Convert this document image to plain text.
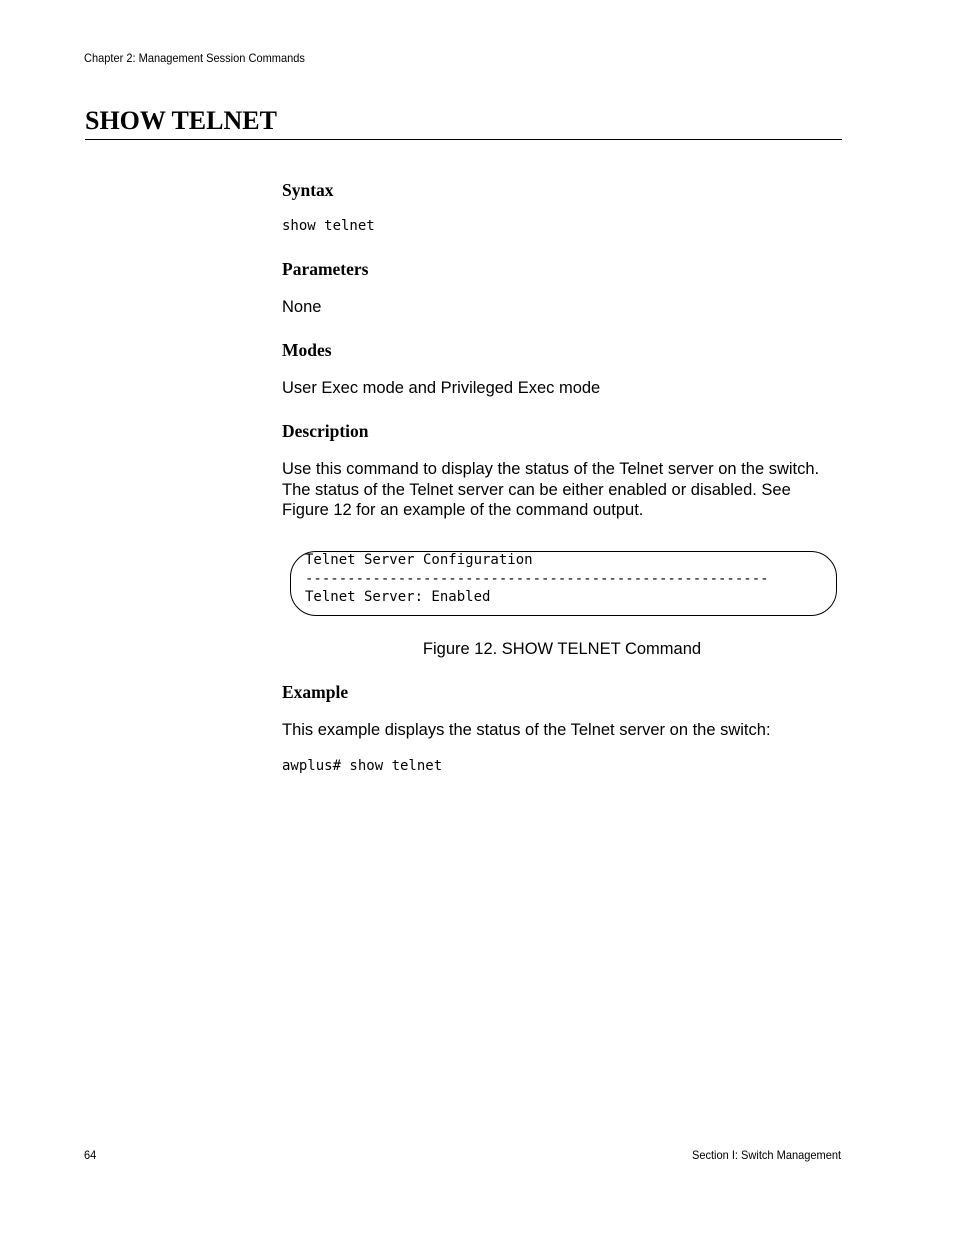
Chapter 2: Management Session Commands
SHOW TELNET
Syntax
show telnet
Parameters
None
Modes
User Exec mode and Privileged Exec mode
Description
Use this command to display the status of the Telnet server on the switch.
The status of the Telnet server can be either enabled or disabled. See
Figure 12 for an example of the command output.
Telnet Server Configuration
-------------------------------------------------------
Telnet Server: Enabled
Figure 12. SHOW TELNET Command
Example
This example displays the status of the Telnet server on the switch:
awplus# show telnet
64	Section I: Switch Management
